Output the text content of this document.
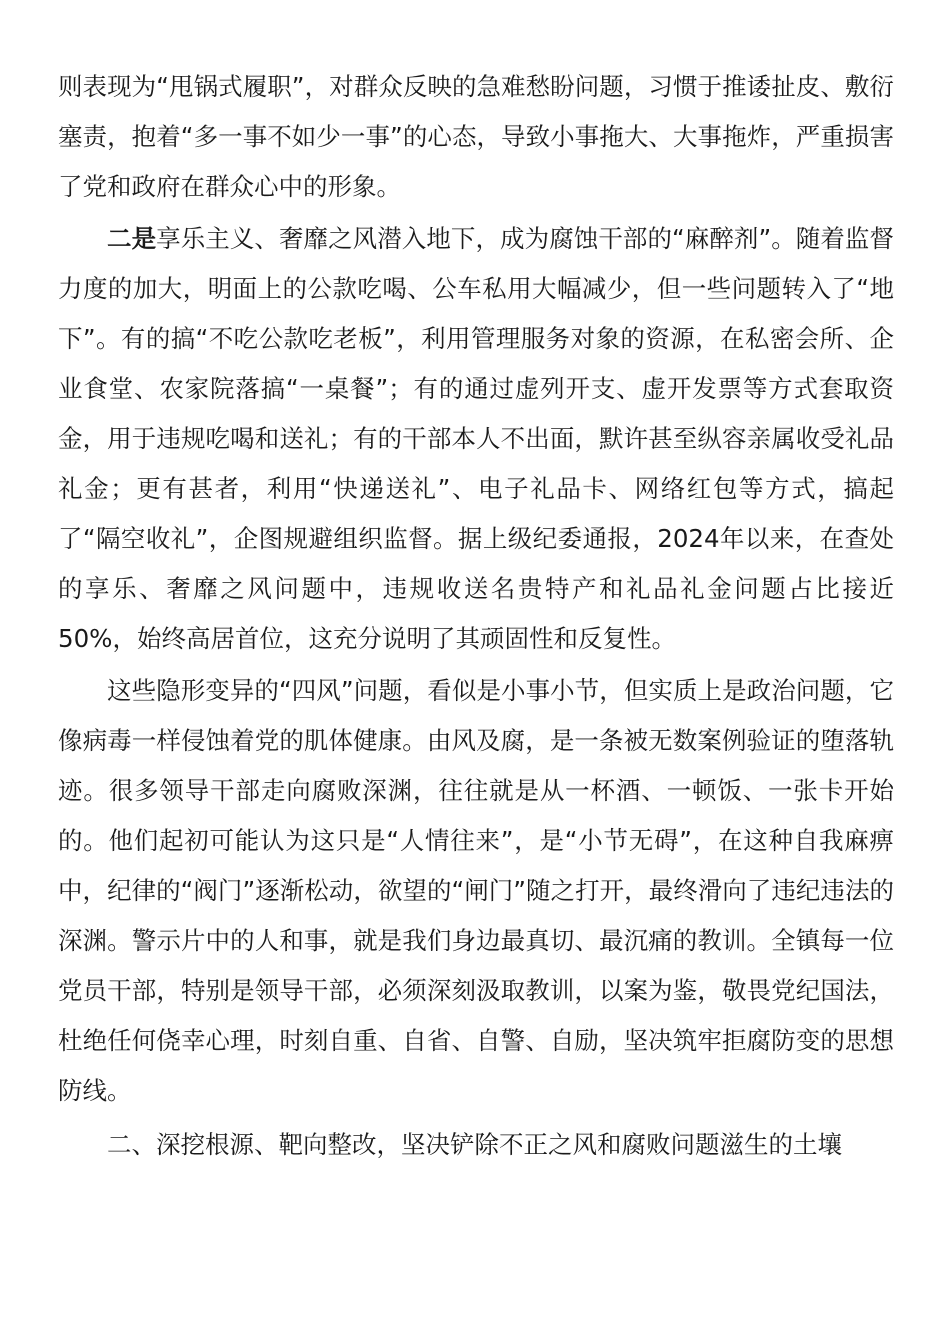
则表现为“甩锅式履职”，对群众反映的急难愁盼问题，习惯于推诿扯皮、敷衍塞责，抱着“多一事不如少一事”的心态，导致小事拖大、大事拖炸，严重损害了党和政府在群众心中的形象。

二是享乐主义、奢靡之风潜入地下，成为腐蚀干部的“麻醉剂”。随着监督力度的加大，明面上的公款吃喝、公车私用大幅减少，但一些问题转入了“地下”。有的搞“不吃公款吃老板”，利用管理服务对象的资源，在私密会所、企业食堂、农家院落搞“一桌餐”；有的通过虚列开支、虚开发票等方式套取资金，用于违规吃喝和送礼；有的干部本人不出面，默许甚至纵容亲属收受礼品礼金；更有甚者，利用“快递送礼”、电子礼品卡、网络红包等方式，搞起了“隔空收礼”，企图规避组织监督。据上级纪委通报，2024年以来，在查处的享乐、奢靡之风问题中，违规收送名贵特产和礼品礼金问题占比接近50%，始终高居首位，这充分说明了其顽固性和反复性。

这些隐形变异的“四风”问题，看似是小事小节，但实质上是政治问题，它像病毒一样侵蚀着党的肌体健康。由风及腐，是一条被无数案例验证的堕落轨迹。很多领导干部走向腐败深渊，往往就是从一杯酒、一顿饭、一张卡开始的。他们起初可能认为这只是“人情往来”，是“小节无碍”，在这种自我麻痹中，纪律的“阀门”逐渐松动，欲望的“闸门”随之打开，最终滑向了违纪违法的深渊。警示片中的人和事，就是我们身边最真切、最沉痛的教训。全镇每一位党员干部，特别是领导干部，必须深刻汲取教训，以案为鉴，敬畏党纪国法，杜绝任何侥幸心理，时刻自重、自省、自警、自励，坚决筑牢拒腐防变的思想防线。

二、深挖根源、靶向整改，坚决铲除不正之风和腐败问题滋生的土壤
